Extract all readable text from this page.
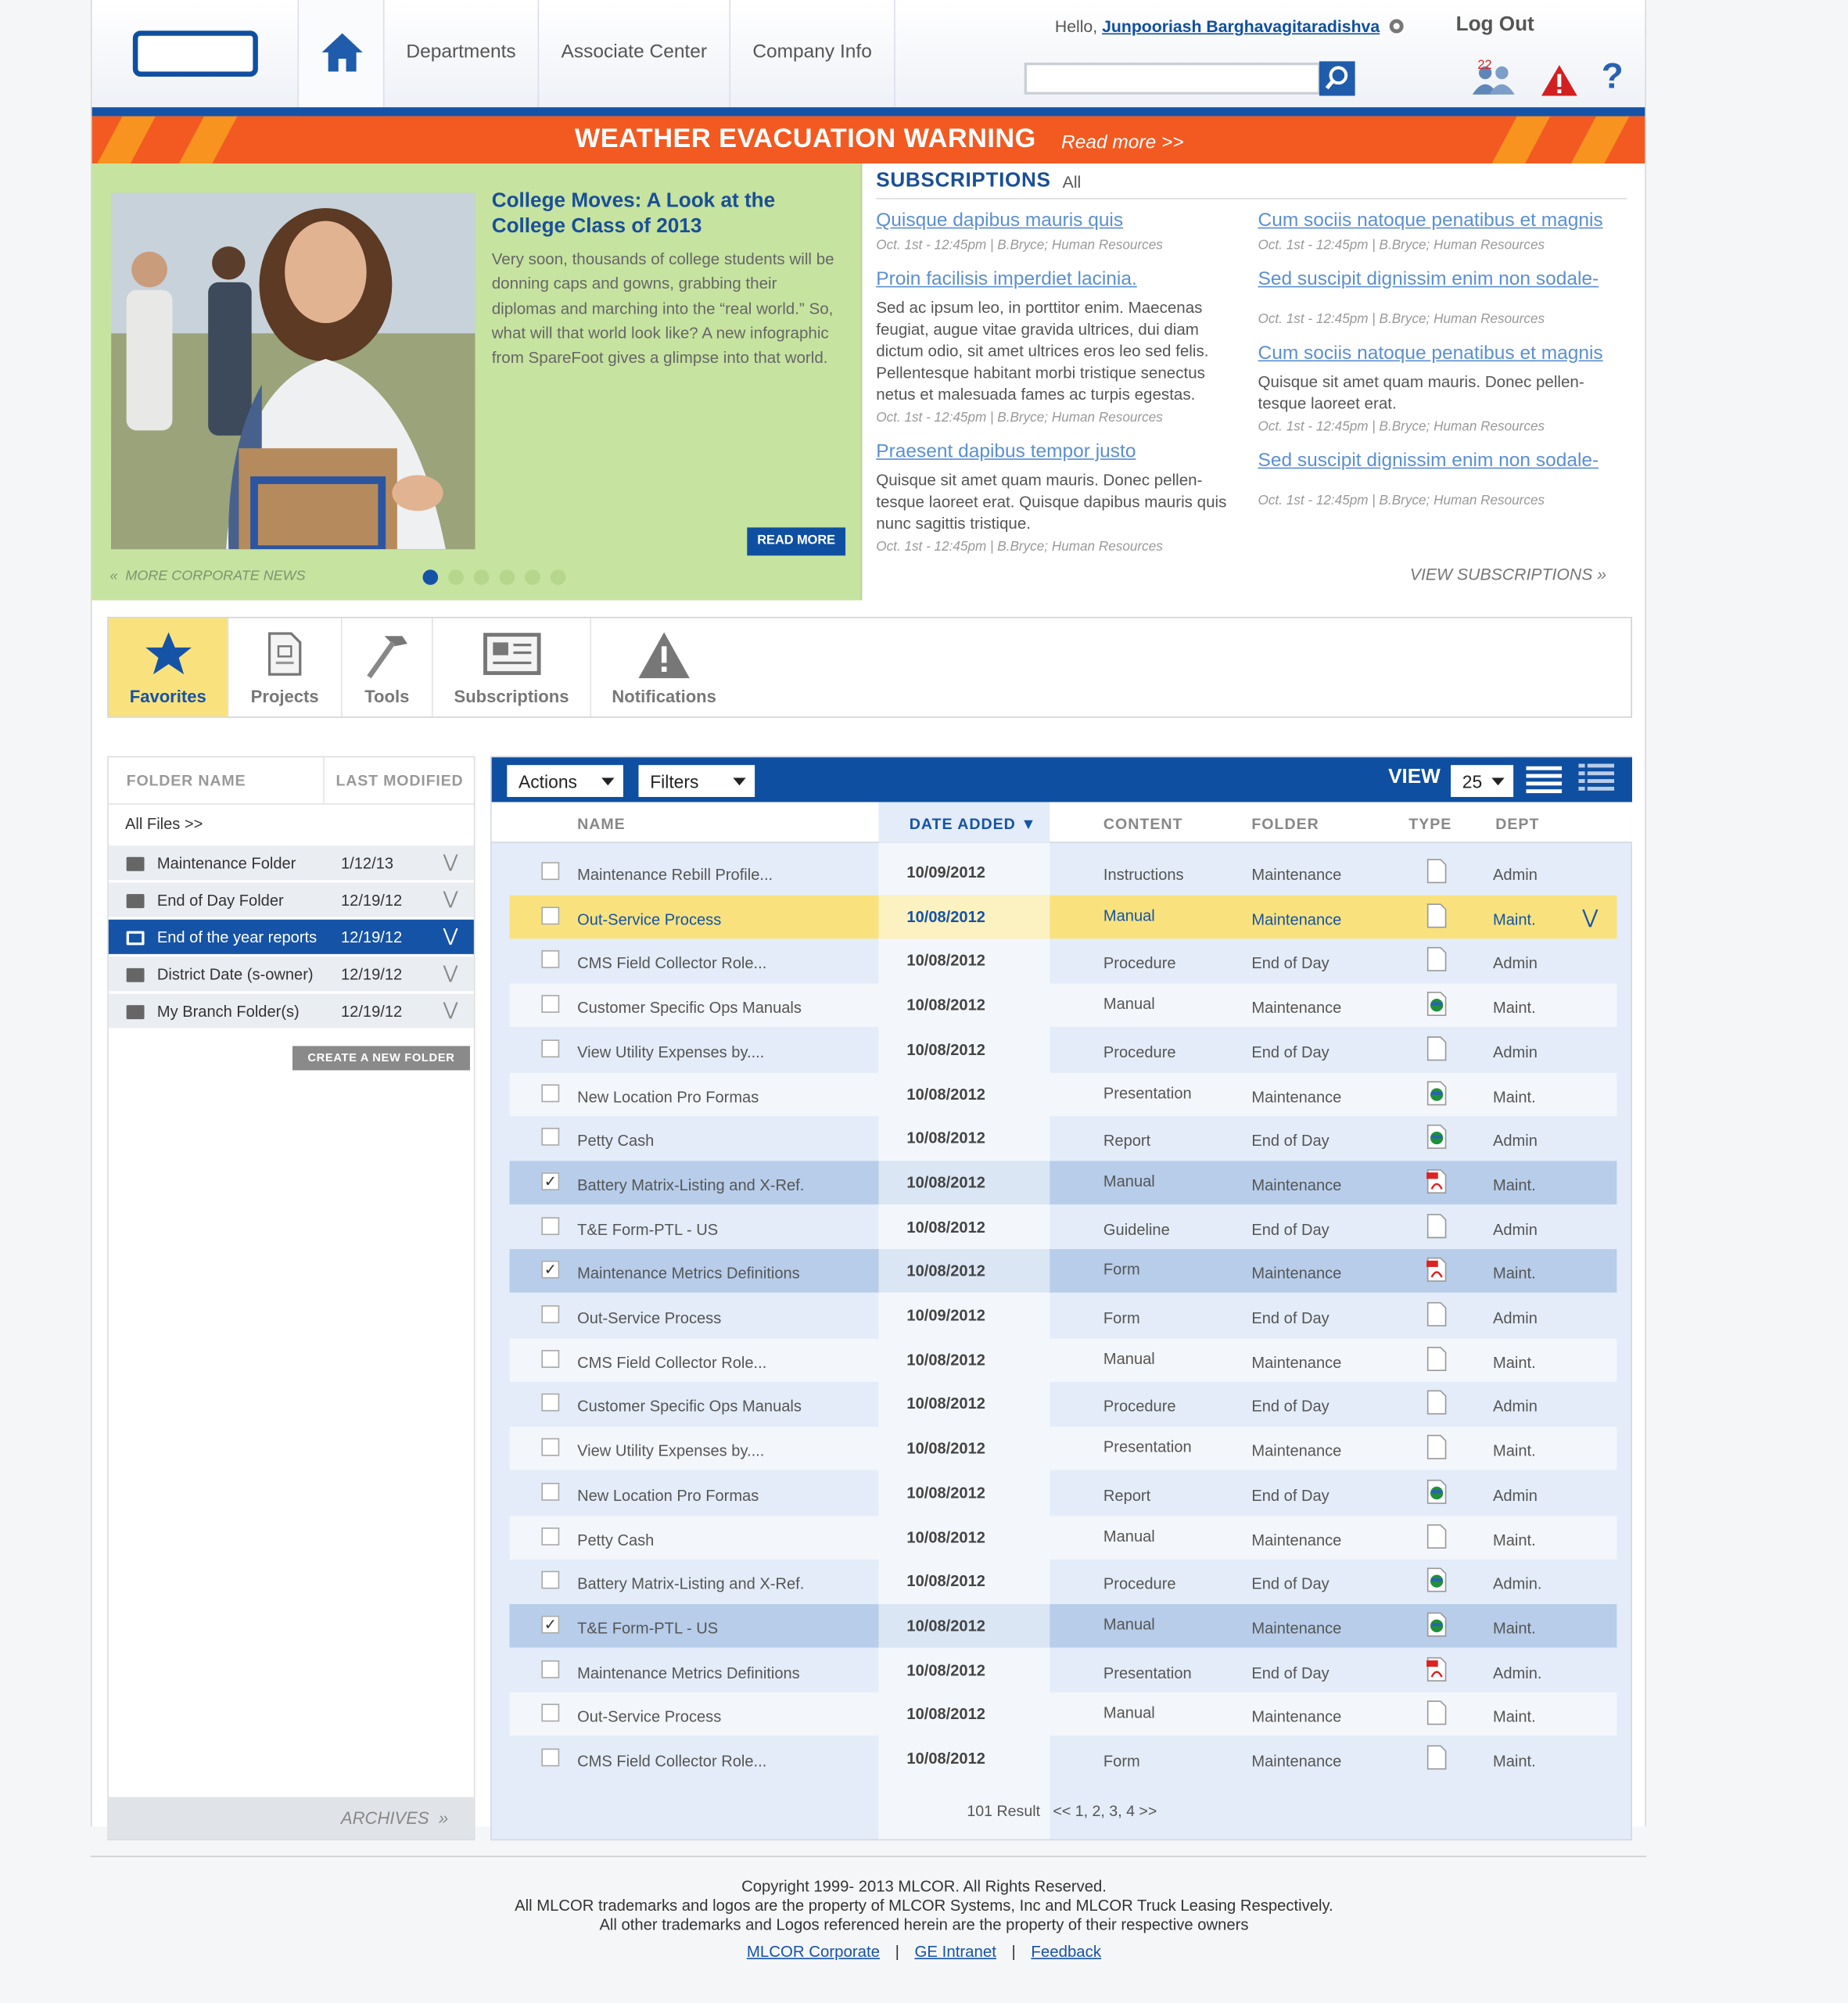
Departments	Associate Center	Company Info
Hello, Junpooriash Barghavagitaradishva	Log Out
22	?
WEATHER EVACUATION WARNING Read more >>
College Moves: A Look at the College Class of 2013
Very soon, thousands of college students will be donning caps and gowns, grabbing their diplomas and marching into the “real world.” So, what will that world look like? A new infographic from SpareFoot gives a glimpse into that world.
READ MORE
«  MORE CORPORATE NEWS
SUBSCRIPTIONS All
Quisque dapibus mauris quis
Oct. 1st - 12:45pm | B.Bryce; Human Resources
Proin facilisis imperdiet lacinia.
Sed ac ipsum leo, in porttitor enim. Maecenas feugiat, augue vitae gravida ultrices, dui diam dictum odio, sit amet ultrices eros leo sed felis. Pellentesque habitant morbi tristique senectus netus et malesuada fames ac turpis egestas.
Oct. 1st - 12:45pm | B.Bryce; Human Resources
Praesent dapibus tempor justo
Quisque sit amet quam mauris. Donec pellen-tesque laoreet erat. Quisque dapibus mauris quis nunc sagittis tristique.
Oct. 1st - 12:45pm | B.Bryce; Human Resources
Cum sociis natoque penatibus et magnis
Oct. 1st - 12:45pm | B.Bryce; Human Resources
Sed suscipit dignissim enim non sodale-
Oct. 1st - 12:45pm | B.Bryce; Human Resources
Cum sociis natoque penatibus et magnis
Quisque sit amet quam mauris. Donec pellen-tesque laoreet erat.
Oct. 1st - 12:45pm | B.Bryce; Human Resources
Sed suscipit dignissim enim non sodale-
Oct. 1st - 12:45pm | B.Bryce; Human Resources
VIEW SUBSCRIPTIONS »
Favorites	Projects	Tools	Subscriptions	Notifications
FOLDER NAME	LAST MODIFIED
All Files >>
Maintenance Folder	1/12/13	⋁
End of Day Folder	12/19/12	⋁
End of the year reports	12/19/12	⋁
District Date (s-owner)	12/19/12	⋁
My Branch Folder(s)	12/19/12	⋁
CREATE A NEW FOLDER
ARCHIVES  »
Actions	Filters	VIEW	25
NAME	DATE ADDED ▼	CONTENT	FOLDER	TYPE	DEPT
Maintenance Rebill Profile...	10/09/2012	Instructions	Maintenance	Admin
Out-Service Process	10/08/2012	Manual	Maintenance	Maint.	⋁
CMS Field Collector Role...	10/08/2012	Procedure	End of Day	Admin
Customer Specific Ops Manuals	10/08/2012	Manual	Maintenance	Maint.
View Utility Expenses by....	10/08/2012	Procedure	End of Day	Admin
New Location Pro Formas	10/08/2012	Presentation	Maintenance	Maint.
Petty Cash	10/08/2012	Report	End of Day	Admin
✓ Battery Matrix-Listing and X-Ref.	10/08/2012	Manual	Maintenance	Maint.
T&E Form-PTL - US	10/08/2012	Guideline	End of Day	Admin
✓ Maintenance Metrics Definitions	10/08/2012	Form	Maintenance	Maint.
Out-Service Process	10/09/2012	Form	End of Day	Admin
CMS Field Collector Role...	10/08/2012	Manual	Maintenance	Maint.
Customer Specific Ops Manuals	10/08/2012	Procedure	End of Day	Admin
View Utility Expenses by....	10/08/2012	Presentation	Maintenance	Maint.
New Location Pro Formas	10/08/2012	Report	End of Day	Admin
Petty Cash	10/08/2012	Manual	Maintenance	Maint.
Battery Matrix-Listing and X-Ref.	10/08/2012	Procedure	End of Day	Admin.
✓ T&E Form-PTL - US	10/08/2012	Manual	Maintenance	Maint.
Maintenance Metrics Definitions	10/08/2012	Presentation	End of Day	Admin.
Out-Service Process	10/08/2012	Manual	Maintenance	Maint.
CMS Field Collector Role...	10/08/2012	Form	Maintenance	Maint.
101 Result << 1, 2, 3, 4 >>
Copyright 1999- 2013 MLCOR. All Rights Reserved.
All MLCOR trademarks and logos are the property of MLCOR Systems, Inc and MLCOR Truck Leasing Respectively.
All other trademarks and Logos referenced herein are the property of their respective owners
MLCOR Corporate | GE Intranet | Feedback
